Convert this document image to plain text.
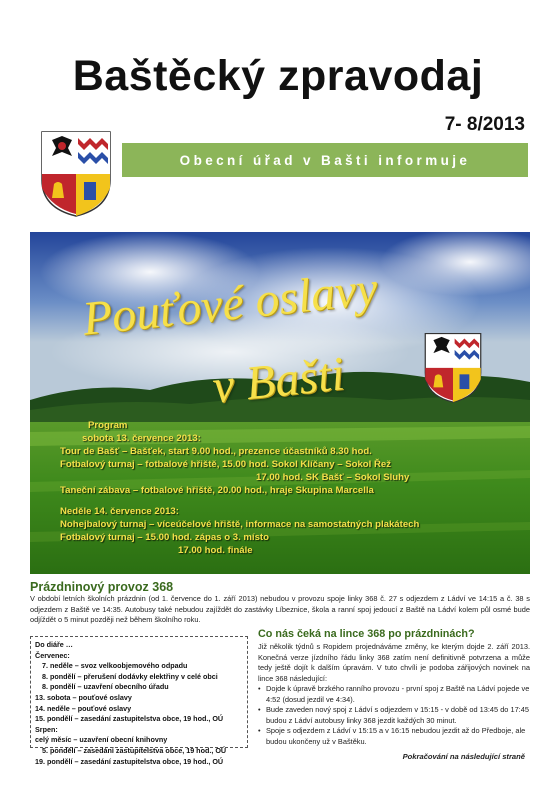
Baštěcký zpravodaj
7- 8/2013
Obecní úřad v Bašti informuje
Pouťové oslavy
v Bašti
Program
sobota 13. července 2013:
Tour de Bašť – Bašťek, start 9.00 hod., prezence účastníků 8.30 hod.
Fotbalový turnaj – fotbalové hřiště, 15.00 hod. Sokol Klíčany – Sokol Řež
17.00 hod. SK Bašť – Sokol Sluhy
Taneční zábava – fotbalové hřiště, 20.00 hod., hraje Skupina Marcella
Neděle 14. července 2013:
Nohejbalový turnaj – víceúčelové hřiště, informace na samostatných plakátech
Fotbalový turnaj – 15.00 hod. zápas o 3. místo
17.00 hod. finále
Prázdninový provoz 368
V období letních školních prázdnin (od 1. července do 1. září 2013) nebudou v provozu spoje linky 368 č. 27 s odjezdem z Ládví ve 14:15 a č. 38 s odjezdem z Baště ve 14:35. Autobusy také nebudou zajíždět do zastávky Líbeznice, škola a ranní spoj jedoucí z Baště na Ládví kolem půl osmé bude odjíždět o 5 minut později než během školního roku.
Do diáře …
Červenec:
7. neděle – svoz velkoobjemového odpadu
8. pondělí – přerušení dodávky elektřiny v celé obci
8. pondělí – uzavření obecního úřadu
13. sobota – pouťové oslavy
14. neděle – pouťové oslavy
15. pondělí – zasedání zastupitelstva obce, 19 hod., OÚ
Srpen:
celý měsíc – uzavření obecní knihovny
5. pondělí – zasedání zastupitelstva obce, 19 hod., OÚ
19. pondělí – zasedání zastupitelstva obce, 19 hod., OÚ
Co nás čeká na lince 368 po prázdninách?
Již několik týdnů s Ropidem projednáváme změny, ke kterým dojde 2. září 2013. Konečná verze jízdního řádu linky 368 zatím není definitivně potvrzena a může tedy ještě dojít k dalším úpravám. V tuto chvíli je podoba zářijových novinek na lince 368 následující:
• Dojde k úpravě brzkého ranního provozu - první spoj z Baště na Ládví pojede ve 4:52 (dosud jezdil ve 4:34).
• Bude zaveden nový spoj z Ládví s odjezdem v 15:15 - v době od 13:45 do 17:45 budou z Ládví autobusy linky 368 jezdit každých 30 minut.
• Spoje s odjezdem z Ládví v 15:15 a v 16:15 nebudou jezdit až do Předboje, ale budou ukončeny už v Baštěku.
Pokračování na následující straně
